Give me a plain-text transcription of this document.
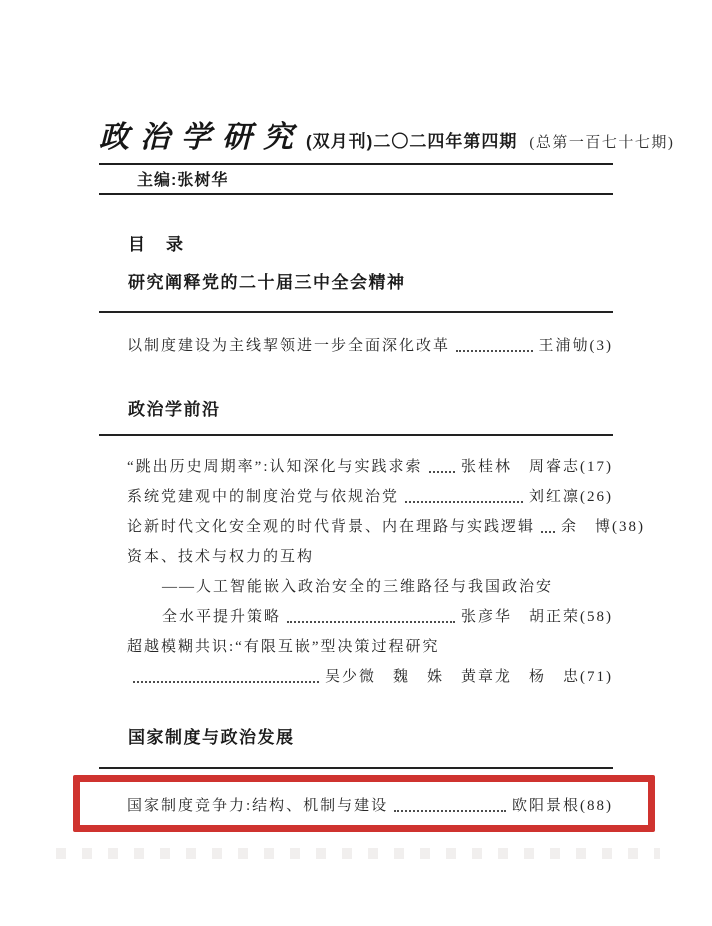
政治学研究 (双月刊)二〇二四年第四期 (总第一百七十七期)
主编:张树华
目　录
研究阐释党的二十届三中全会精神
以制度建设为主线挈领进一步全面深化改革	王浦劬(3)
政治学前沿
“跳出历史周期率”:认知深化与实践求索	张桂林　周睿志(17)
系统党建观中的制度治党与依规治党	刘红凛(26)
论新时代文化安全观的时代背景、内在理路与实践逻辑 余　博(38)
资本、技术与权力的互构
——人工智能嵌入政治安全的三维路径与我国政治安
全水平提升策略	张彦华　胡正荣(58)
超越模糊共识:“有限互嵌”型决策过程研究
吴少微　魏　姝　黄章龙　杨　忠(71)
国家制度与政治发展
国家制度竞争力:结构、机制与建设	欧阳景根(88)
